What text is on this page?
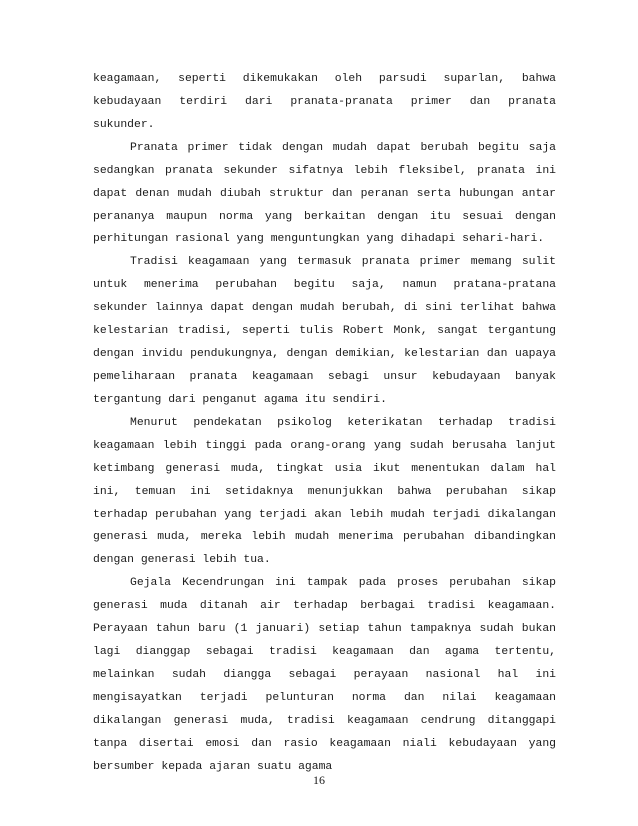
keagamaan, seperti dikemukakan oleh parsudi suparlan, bahwa kebudayaan terdiri dari pranata-pranata primer dan pranata sukunder.

Pranata primer tidak dengan mudah dapat berubah begitu saja sedangkan pranata sekunder sifatnya lebih fleksibel, pranata ini dapat denan mudah diubah struktur dan peranan serta hubungan antar perananya maupun norma yang berkaitan dengan itu sesuai dengan perhitungan rasional yang menguntungkan yang dihadapi sehari-hari.

Tradisi keagamaan yang termasuk pranata primer memang sulit untuk menerima perubahan begitu saja, namun pratana-pratana sekunder lainnya dapat dengan mudah berubah, di sini terlihat bahwa kelestarian tradisi, seperti tulis Robert Monk, sangat tergantung dengan invidu pendukungnya, dengan demikian, kelestarian dan uapaya pemeliharaan pranata keagamaan sebagi unsur kebudayaan banyak tergantung dari penganut agama itu sendiri.

Menurut pendekatan psikolog keterikatan terhadap tradisi keagamaan lebih tinggi pada orang-orang yang sudah berusaha lanjut ketimbang generasi muda, tingkat usia ikut menentukan dalam hal ini, temuan ini setidaknya menunjukkan bahwa perubahan sikap terhadap perubahan yang terjadi akan lebih mudah terjadi dikalangan generasi muda, mereka lebih mudah menerima perubahan dibandingkan dengan generasi lebih tua.

Gejala Kecendrungan ini tampak pada proses perubahan sikap generasi muda ditanah air terhadap berbagai tradisi keagamaan. Perayaan tahun baru (1 januari) setiap tahun tampaknya sudah bukan lagi dianggap sebagai tradisi keagamaan dan agama tertentu, melainkan sudah diangga sebagai perayaan nasional hal ini mengisayatkan terjadi pelunturan norma dan nilai keagamaan dikalangan generasi muda, tradisi keagamaan cendrung ditanggapi tanpa disertai emosi dan rasio keagamaan niali kebudayaan yang bersumber kepada ajaran suatu agama

16
